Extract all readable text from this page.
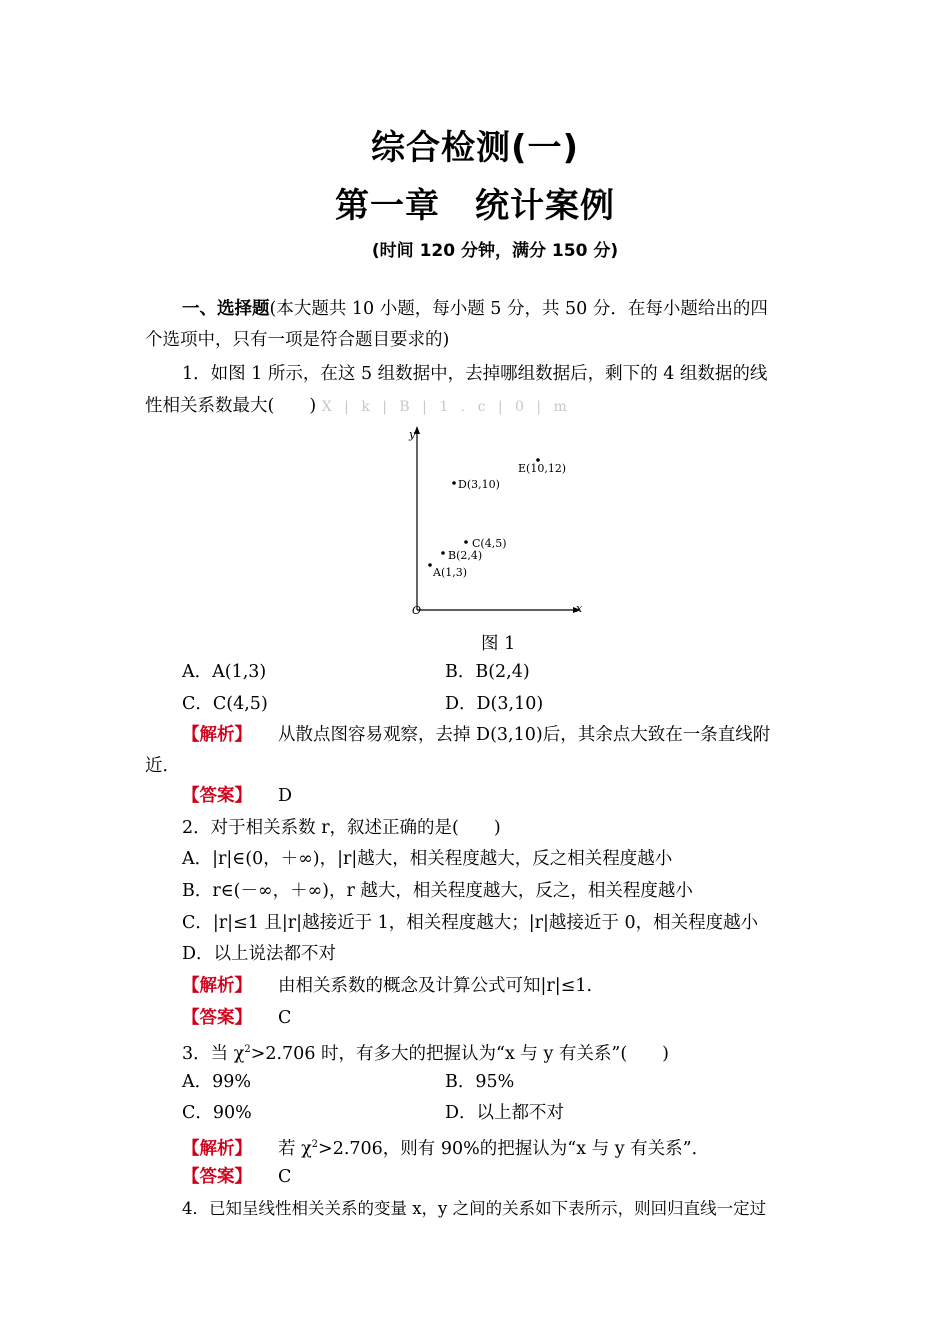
综合检测(一)
第一章　统计案例
(时间 120 分钟，满分 150 分)
一、选择题(本大题共 10 小题，每小题 5 分，共 50 分．在每小题给出的四
个选项中，只有一项是符合题目要求的)
1．如图 1 所示，在这 5 组数据中，去掉哪组数据后，剩下的 4 组数据的线
性相关系数最大(　　) X | k | B | 1 . c | 0 | m
y
x
O
A(1,3)
B(2,4)
C(4,5)
D(3,10)
E(10,12)
图 1
A．A(1,3)	B．B(2,4)
C．C(4,5)	D．D(3,10)
【解析】 从散点图容易观察，去掉 D(3,10)后，其余点大致在一条直线附
近．
【答案】 D
2．对于相关系数 r，叙述正确的是(　　)
A．|r|∈(0，＋∞)，|r|越大，相关程度越大，反之相关程度越小
B．r∈(－∞，＋∞)，r 越大，相关程度越大，反之，相关程度越小
C．|r|≤1 且|r|越接近于 1，相关程度越大；|r|越接近于 0，相关程度越小
D．以上说法都不对
【解析】 由相关系数的概念及计算公式可知|r|≤1.
【答案】 C
3．当 $\chi^2>2.706$ 时，有多大的把握认为“x 与 y 有关系”(　　)
A．99%	B．95%
C．90%	D．以上都不对
【解析】 若 $\chi^2>2.706$，则有 90%的把握认为“x 与 y 有关系”．
【答案】 C
4．已知呈线性相关关系的变量 x，y 之间的关系如下表所示，则回归直线一定过
